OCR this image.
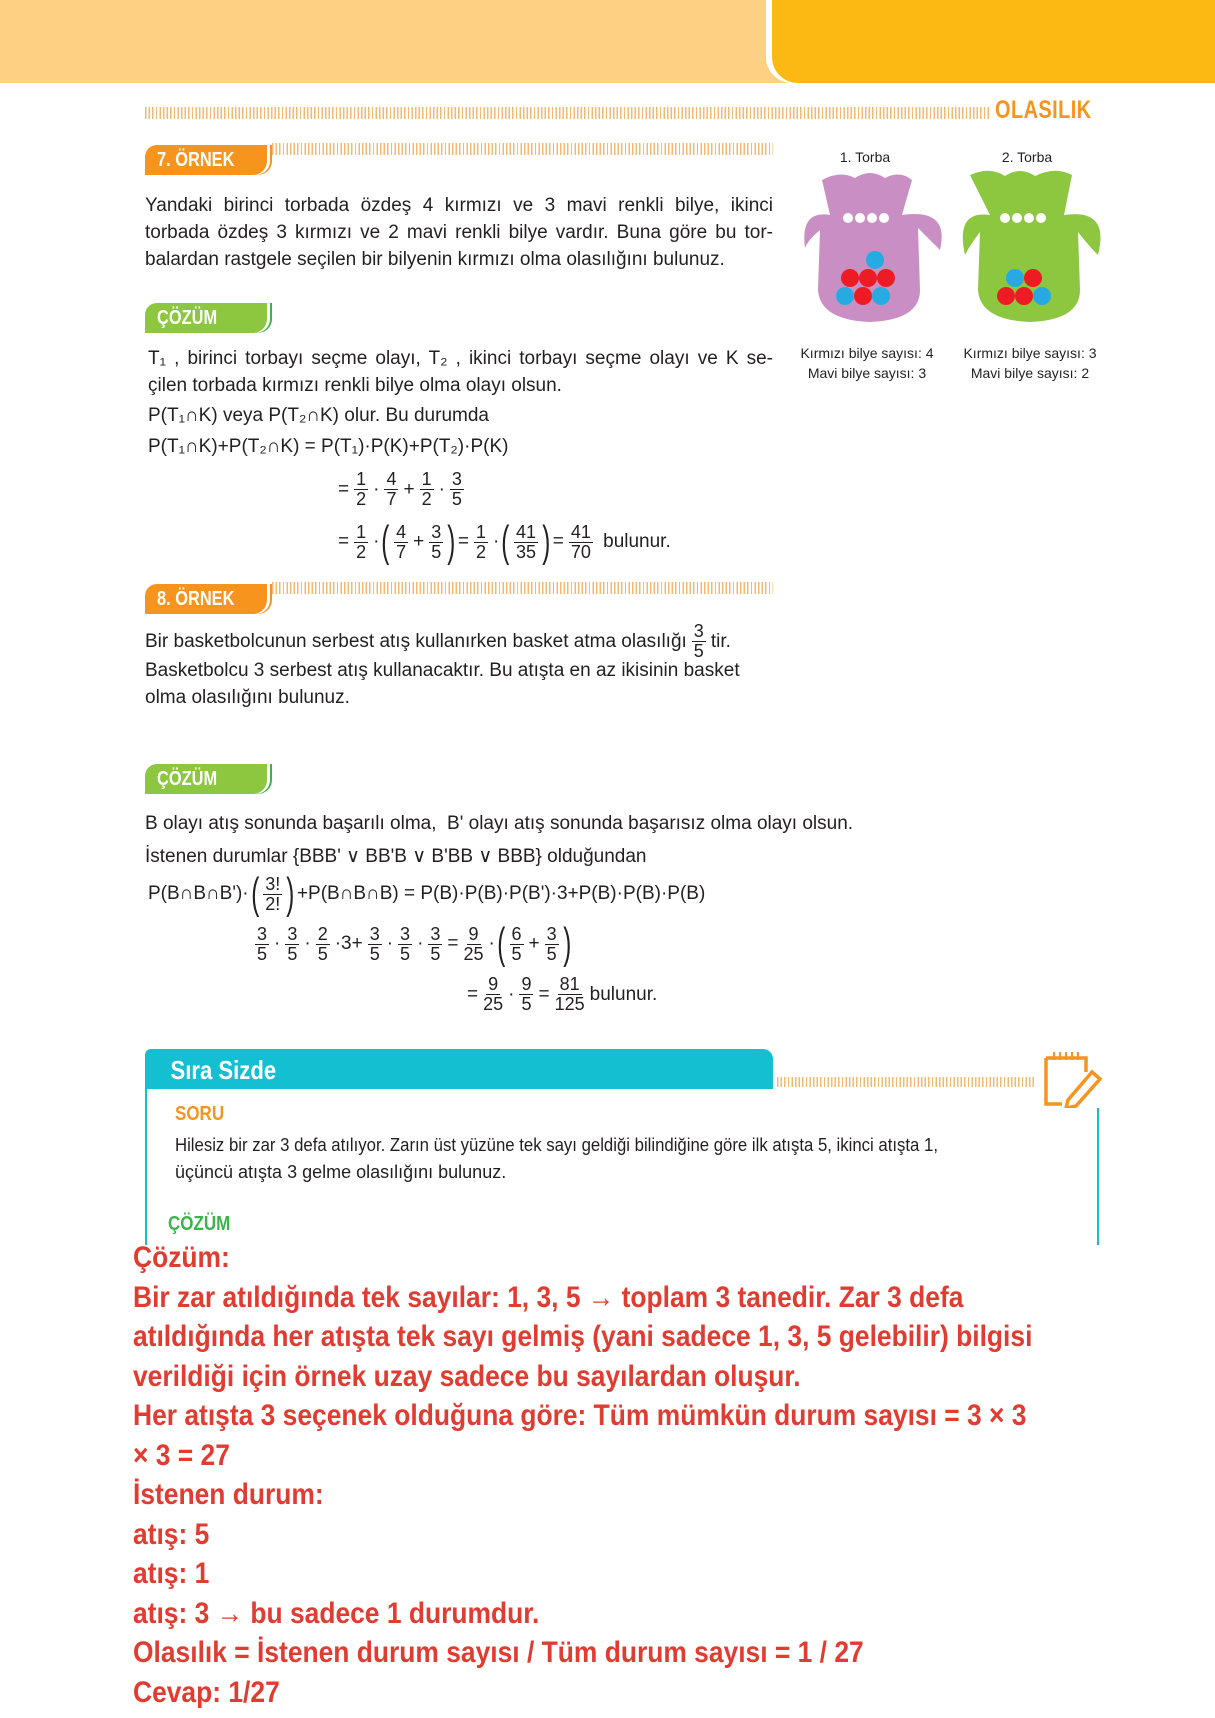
OLASILIK
7. ÖRNEK
Yandaki birinci torbada özdeş 4 kırmızı ve 3 mavi renkli bilye, ikinci
torbada özdeş 3 kırmızı ve 2 mavi renkli bilye vardır. Buna göre bu tor-
balardan rastgele seçilen bir bilyenin kırmızı olma olasılığını bulunuz.
1. Torba	2. Torba
Kırmızı bilye sayısı: 4
Mavi bilye sayısı: 3
Kırmızı bilye sayısı: 3
Mavi bilye sayısı: 2
ÇÖZÜM
T₁ , birinci torbayı seçme olayı, T₂ , ikinci torbayı seçme olayı ve K se-
çilen torbada kırmızı renkli bilye olma olayı olsun.
P(T₁∩K) veya P(T₂∩K) olur. Bu durumda
P(T₁∩K)+P(T₂∩K) = P(T₁)·P(K)+P(T₂)·P(K)
= $\frac{1}{2} \cdot \frac{4}{7} + \frac{1}{2} \cdot \frac{3}{5}$
= $\frac{1}{2}$ · ( $\frac{4}{7} + \frac{3}{5}$ ) = $\frac{1}{2}$ · ( $\frac{41}{35}$ ) = $\frac{41}{70}$ bulunur.
8. ÖRNEK
Bir basketbolcunun serbest atış kullanırken basket atma olasılığı $\frac{3}{5}$ tir.
Basketbolcu 3 serbest atış kullanacaktır. Bu atışta en az ikisinin basket
olma olasılığını bulunuz.
ÇÖZÜM
B olayı atış sonunda başarılı olma,  B' olayı atış sonunda başarısız olma olayı olsun.
İstenen durumlar {BBB' ∨ BB'B ∨ B'BB ∨ BBB} olduğundan
P(B∩B∩B')· ( $\frac{3!}{2!}$ ) +P(B∩B∩B) = P(B)·P(B)·P(B')·3+P(B)·P(B)·P(B)
$\frac{3}{5} \cdot \frac{3}{5} \cdot \frac{2}{5} \cdot 3+ \frac{3}{5} \cdot \frac{3}{5} \cdot \frac{3}{5} = \frac{9}{25}$ · ( $\frac{6}{5} + \frac{3}{5}$ )
= $\frac{9}{25} \cdot \frac{9}{5} = \frac{81}{125}$ bulunur.
Sıra Sizde
SORU
Hilesiz bir zar 3 defa atılıyor. Zarın üst yüzüne tek sayı geldiği bilindiğine göre ilk atışta 5, ikinci atışta 1,
üçüncü atışta 3 gelme olasılığını bulunuz.
ÇÖZÜM
Çözüm:
Bir zar atıldığında tek sayılar: 1, 3, 5 → toplam 3 tanedir. Zar 3 defa
atıldığında her atışta tek sayı gelmiş (yani sadece 1, 3, 5 gelebilir) bilgisi
verildiği için örnek uzay sadece bu sayılardan oluşur.
Her atışta 3 seçenek olduğuna göre: Tüm mümkün durum sayısı = 3 × 3
× 3 = 27
İstenen durum:
atış: 5
atış: 1
atış: 3 → bu sadece 1 durumdur.
Olasılık = İstenen durum sayısı / Tüm durum sayısı = 1 / 27
Cevap: 1/27
